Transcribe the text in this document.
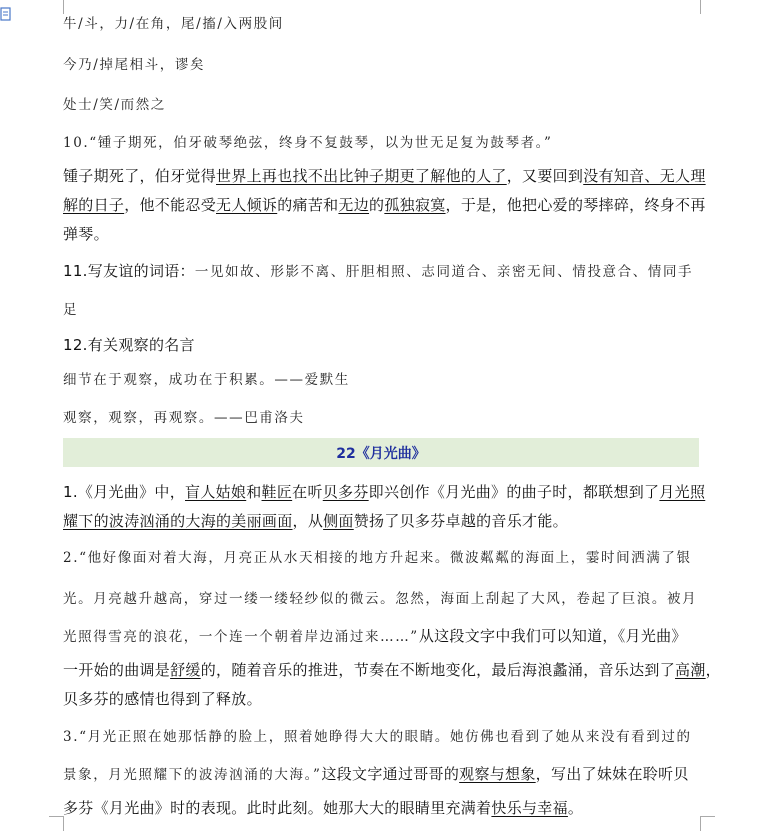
牛/斗，力/在角，尾/搐/入两股间
今乃/掉尾相斗，谬矣
处士/笑/而然之
10.“锺子期死，伯牙破琴绝弦，终身不复鼓琴，以为世无足复为鼓琴者。”
锺子期死了，伯牙觉得世界上再也找不出比钟子期更了解他的人了，又要回到没有知音、无人理
解的日子，他不能忍受无人倾诉的痛苦和无边的孤独寂寞，于是，他把心爱的琴摔碎，终身不再
弹琴。
11.写友谊的词语：一见如故、形影不离、肝胆相照、志同道合、亲密无间、情投意合、情同手
足
12.有关观察的名言
细节在于观察，成功在于积累。——爱默生
观察，观察，再观察。——巴甫洛夫
22《月光曲》
1.《月光曲》中，盲人姑娘和鞋匠在听贝多芬即兴创作《月光曲》的曲子时，都联想到了月光照
耀下的波涛汹涌的大海的美丽画面，从侧面赞扬了贝多芬卓越的音乐才能。
2.“他好像面对着大海，月亮正从水天相接的地方升起来。微波粼粼的海面上，霎时间洒满了银
光。月亮越升越高，穿过一缕一缕轻纱似的微云。忽然，海面上刮起了大风，卷起了巨浪。被月
光照得雪亮的浪花，一个连一个朝着岸边涌过来……”从这段文字中我们可以知道，《月光曲》
一开始的曲调是舒缓的，随着音乐的推进，节奏在不断地变化，最后海浪蠡涌，音乐达到了高潮，
贝多芬的感情也得到了释放。
3.“月光正照在她那恬静的脸上，照着她睁得大大的眼睛。她仿佛也看到了她从来没有看到过的
景象，月光照耀下的波涛汹涌的大海。”这段文字通过哥哥的观察与想象，写出了妹妹在聆听贝
多芬《月光曲》时的表现。此时此刻。她那大大的眼睛里充满着快乐与幸福。
